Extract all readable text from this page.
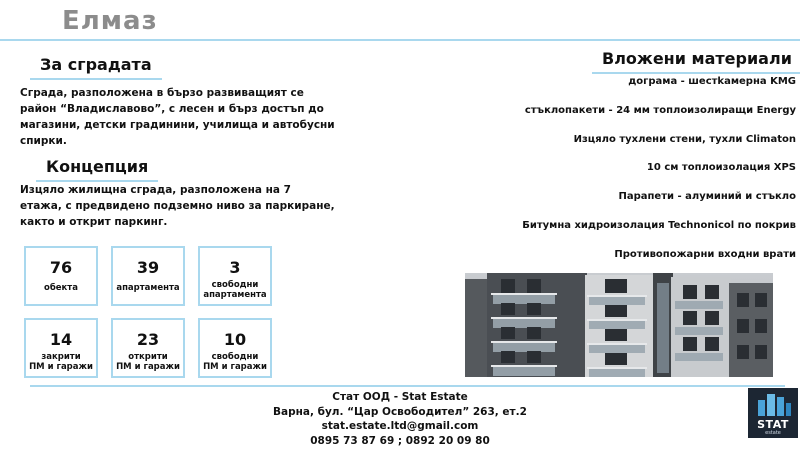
Елмаз
За сградата
Сграда, разположена в бързо развиващият се
район “Владиславово”, с лесен и бърз достъп до
магазини, детски градинини, училища и автобусни
спирки.
Концепция
Изцяло жилищна сграда, разположена на 7
етажа, с предвидено подземно ниво за паркиране,
както и открит паркинг.
76
обекта
39
апартамента
3
свободни
апартамента
14
закрити
ПМ и гаражи
23
открити
ПМ и гаражи
10
свободни
ПМ и гаражи
Вложени материали
дограма - шестkамерна KMG
стъклопакети - 24 мм топлоизолиращи Energy
Изцяло тухлени стени, тухли Climaton
10 см топлоизолация XPS
Парапети - алуминий и стъкло
Битумна хидроизолация Technonicol по покрив
Противопожарни входни врати
Стат ООД - Stat Estate
Варна, бул. “Цар Освободител” 263, ет.2
stat.estate.ltd@gmail.com
0895 73 87 69 ; 0892 20 09 80
STAT
estate
